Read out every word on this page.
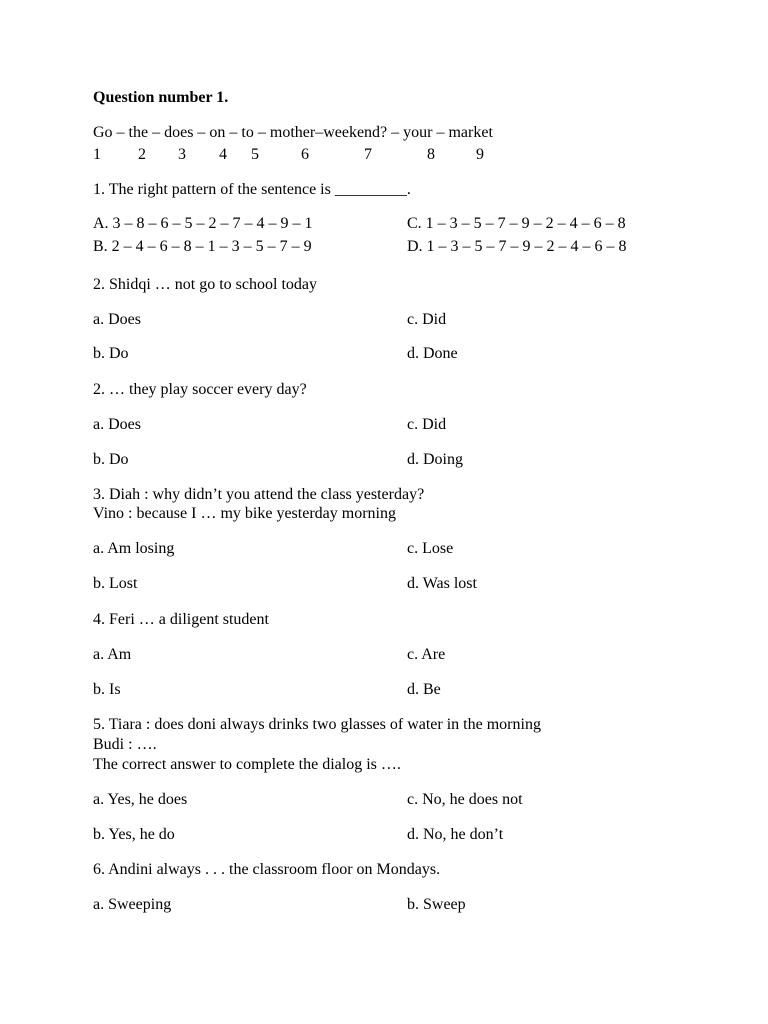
Question number 1.
Go – the – does – on – to – mother–weekend? – your – market
1 2 3 4 5	6	7	8	9
1. The right pattern of the sentence is _________.
A. 3 – 8 – 6 – 5 – 2 – 7 – 4 – 9 – 1	C. 1 – 3 – 5 – 7 – 9 – 2 – 4 – 6 – 8
B. 2 – 4 – 6 – 8 – 1 – 3 – 5 – 7 – 9	D. 1 – 3 – 5 – 7 – 9 – 2 – 4 – 6 – 8
2. Shidqi … not go to school today
a. Does	c. Did
b. Do	d. Done
2. … they play soccer every day?
a. Does	c. Did
b. Do	d. Doing
3. Diah : why didn’t you attend the class yesterday?
Vino : because I … my bike yesterday morning
a. Am losing	c. Lose
b. Lost	d. Was lost
4. Feri … a diligent student
a. Am	c. Are
b. Is	d. Be
5. Tiara : does doni always drinks two glasses of water in the morning
Budi : ….
The correct answer to complete the dialog is ….
a. Yes, he does	c. No, he does not
b. Yes, he do	d. No, he don’t
6. Andini always . . . the classroom floor on Mondays.
a. Sweeping	b. Sweep
